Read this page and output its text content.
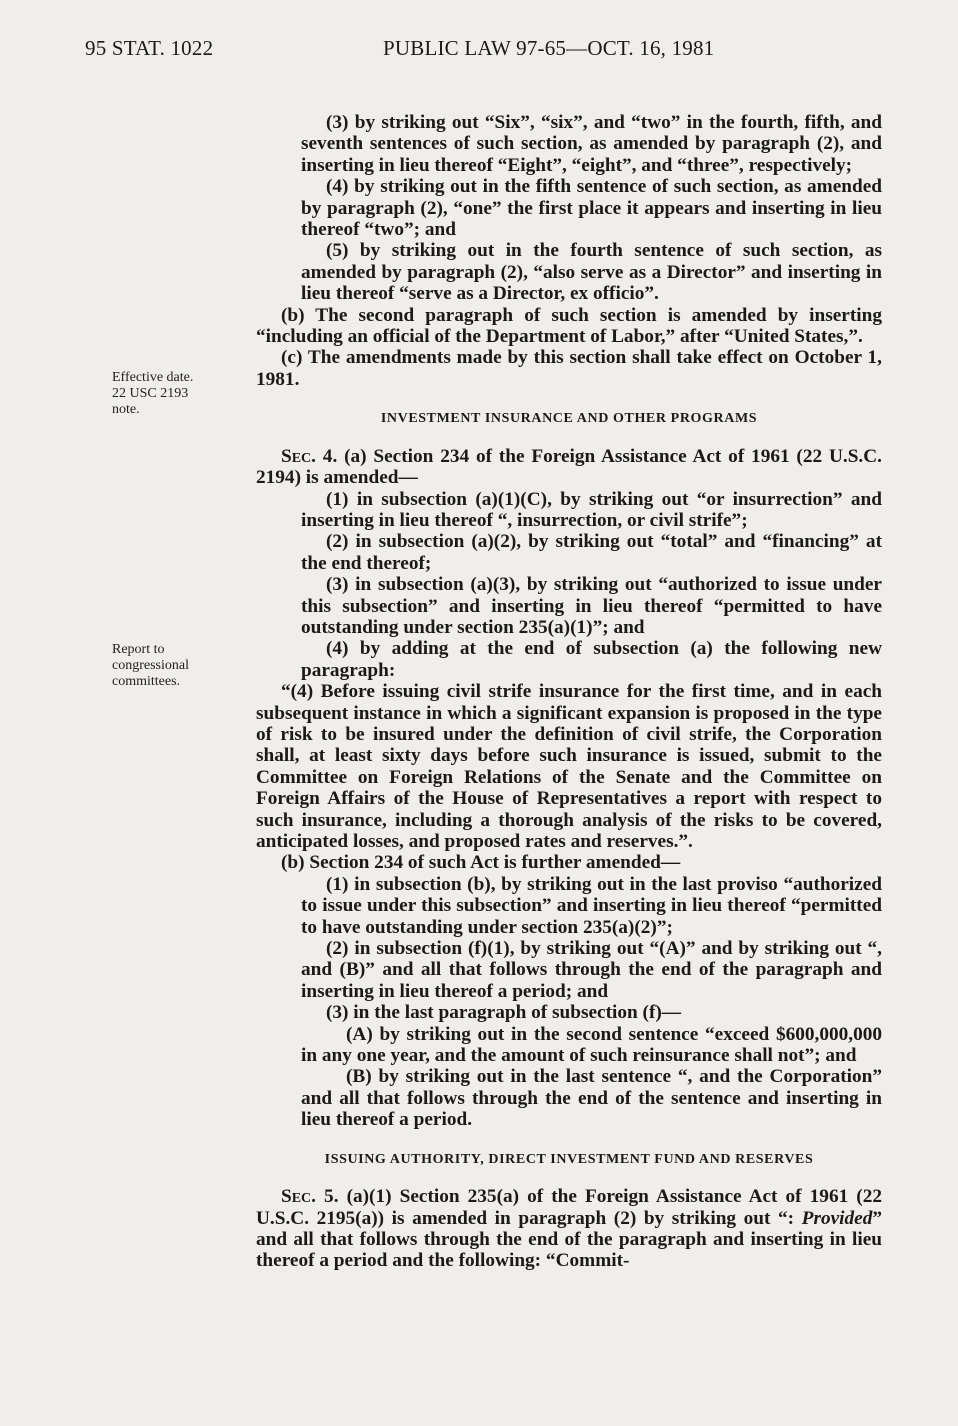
95 STAT. 1022	PUBLIC LAW 97-65—OCT. 16, 1981
Effective date.
22 USC 2193
note.
Report to
congressional
committees.

(3) by striking out “Six”, “six”, and “two” in the fourth, fifth, and seventh sentences of such section, as amended by paragraph (2), and inserting in lieu thereof “Eight”, “eight”, and “three”, respectively;

(4) by striking out in the fifth sentence of such section, as amended by paragraph (2), “one” the first place it appears and inserting in lieu thereof “two”; and

(5) by striking out in the fourth sentence of such section, as amended by paragraph (2), “also serve as a Director” and inserting in lieu thereof “serve as a Director, ex officio”.

(b) The second paragraph of such section is amended by inserting “including an official of the Department of Labor,” after “United States,”.

(c) The amendments made by this section shall take effect on October 1, 1981.

INVESTMENT INSURANCE AND OTHER PROGRAMS

Sec. 4. (a) Section 234 of the Foreign Assistance Act of 1961 (22 U.S.C. 2194) is amended—

(1) in subsection (a)(1)(C), by striking out “or insurrection” and inserting in lieu thereof “, insurrection, or civil strife”;

(2) in subsection (a)(2), by striking out “total” and “financing” at the end thereof;

(3) in subsection (a)(3), by striking out “authorized to issue under this subsection” and inserting in lieu thereof “permitted to have outstanding under section 235(a)(1)”; and

(4) by adding at the end of subsection (a) the following new paragraph:

“(4) Before issuing civil strife insurance for the first time, and in each subsequent instance in which a significant expansion is proposed in the type of risk to be insured under the definition of civil strife, the Corporation shall, at least sixty days before such insurance is issued, submit to the Committee on Foreign Relations of the Senate and the Committee on Foreign Affairs of the House of Representatives a report with respect to such insurance, including a thorough analysis of the risks to be covered, anticipated losses, and proposed rates and reserves.”.

(b) Section 234 of such Act is further amended—

(1) in subsection (b), by striking out in the last proviso “authorized to issue under this subsection” and inserting in lieu thereof “permitted to have outstanding under section 235(a)(2)”;

(2) in subsection (f)(1), by striking out “(A)” and by striking out “, and (B)” and all that follows through the end of the paragraph and inserting in lieu thereof a period; and

(3) in the last paragraph of subsection (f)—

(A) by striking out in the second sentence “exceed $600,000,000 in any one year, and the amount of such reinsurance shall not”; and

(B) by striking out in the last sentence “, and the Corporation” and all that follows through the end of the sentence and inserting in lieu thereof a period.

ISSUING AUTHORITY, DIRECT INVESTMENT FUND AND RESERVES

Sec. 5. (a)(1) Section 235(a) of the Foreign Assistance Act of 1961 (22 U.S.C. 2195(a)) is amended in paragraph (2) by striking out “: Provided” and all that follows through the end of the paragraph and inserting in lieu thereof a period and the following: “Commit-
